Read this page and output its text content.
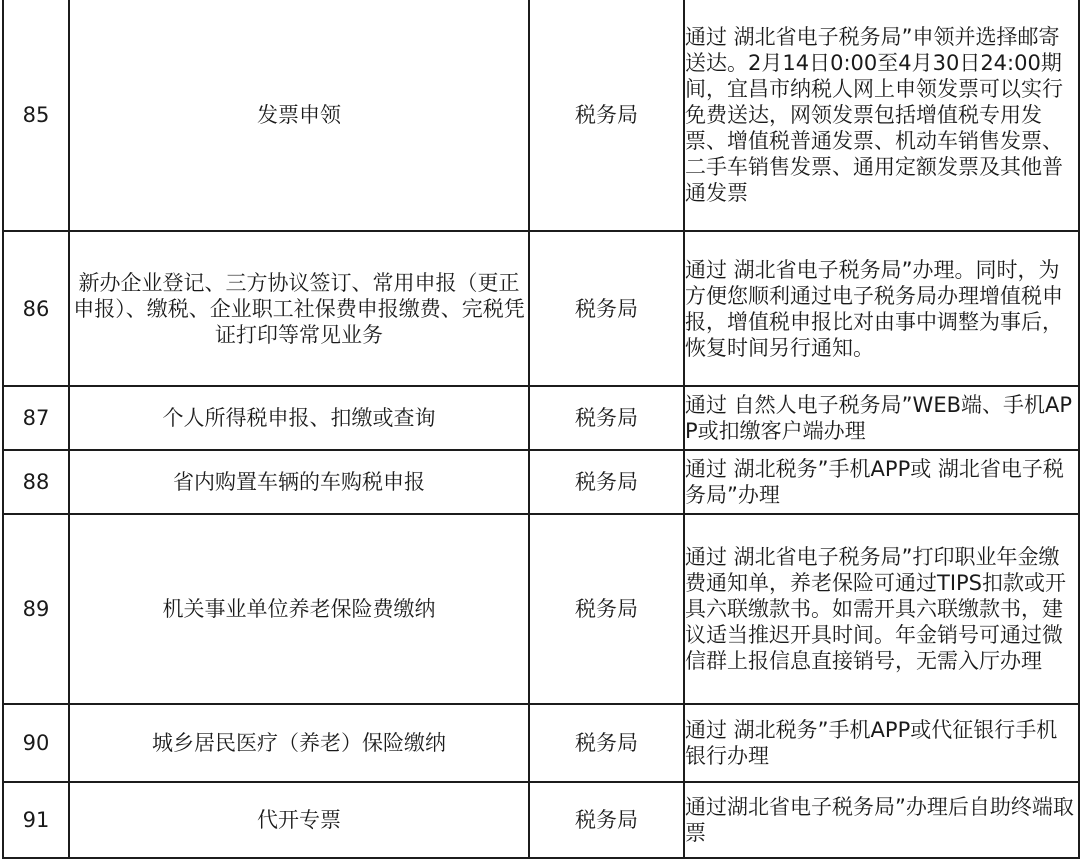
85	发票申领	税务局	通过 湖北省电子税务局”申领并选择邮寄送达。2月14日0:00至4月30日24:00期间，宜昌市纳税人网上申领发票可以实行免费送达，网领发票包括增值税专用发票、增值税普通发票、机动车销售发票、二手车销售发票、通用定额发票及其他普通发票

86	新办企业登记、三方协议签订、常用申报（更正申报）、缴税、企业职工社保费申报缴费、完税凭证打印等常见业务	税务局	通过 湖北省电子税务局”办理。同时，为方便您顺利通过电子税务局办理增值税申报，增值税申报比对由事中调整为事后，恢复时间另行通知。

87	个人所得税申报、扣缴或查询	税务局	通过 自然人电子税务局”WEB端、手机APP或扣缴客户端办理

88	省内购置车辆的车购税申报	税务局	通过 湖北税务”手机APP或 湖北省电子税务局”办理

89	机关事业单位养老保险费缴纳	税务局	通过 湖北省电子税务局”打印职业年金缴费通知单，养老保险可通过TIPS扣款或开具六联缴款书。如需开具六联缴款书，建议适当推迟开具时间。年金销号可通过微信群上报信息直接销号，无需入厅办理

90	城乡居民医疗（养老）保险缴纳	税务局	通过 湖北税务”手机APP或代征银行手机银行办理

91	代开专票	税务局	通过湖北省电子税务局”办理后自助终端取票
